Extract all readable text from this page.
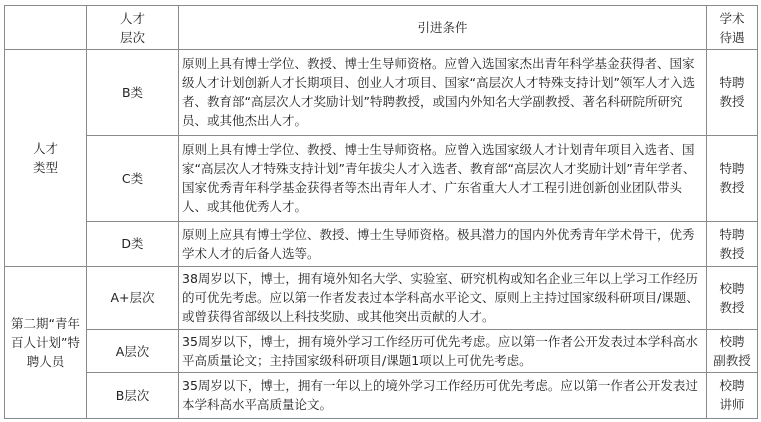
	人才
层次	引进条件	学术
待遇
人才
类型	B类	原则上具有博士学位、教授、博士生导师资格。应曾入选国家杰出青年科学基金获得者、国家级人才计划创新人才长期项目、创业人才项目、国家“高层次人才特殊支持计划”领军人才入选者、教育部“高层次人才奖励计划”特聘教授，或国内外知名大学副教授、著名科研院所研究员、或其他杰出人才。	特聘
教授
	C类	原则上具有博士学位、教授、博士生导师资格。应曾入选国家级人才计划青年项目入选者、国家“高层次人才特殊支持计划”青年拔尖人才入选者、教育部“高层次人才奖励计划”青年学者、国家优秀青年科学基金获得者等杰出青年人才、广东省重大人才工程引进创新创业团队带头人、或其他优秀人才。	特聘
教授
	D类	原则上应具有博士学位、教授、博士生导师资格。极具潜力的国内外优秀青年学术骨干，优秀学术人才的后备人选等。	特聘
教授
第二期“青年百人计划”特聘人员	A+层次	38周岁以下，博士，拥有境外知名大学、实验室、研究机构或知名企业三年以上学习工作经历的可优先考虑。应以第一作者发表过本学科高水平论文、原则上主持过国家级科研项目/课题、或曾获得省部级以上科技奖励、或其他突出贡献的人才。	校聘
教授
	A层次	35周岁以下，博士，拥有境外学习工作经历可优先考虑。应以第一作者公开发表过本学科高水平高质量论文；主持国家级科研项目/课题1项以上可优先考虑。	校聘
副教授
	B层次	35周岁以下，博士，拥有一年以上的境外学习工作经历可优先考虑。应以第一作者公开发表过本学科高水平高质量论文。	校聘
讲师
